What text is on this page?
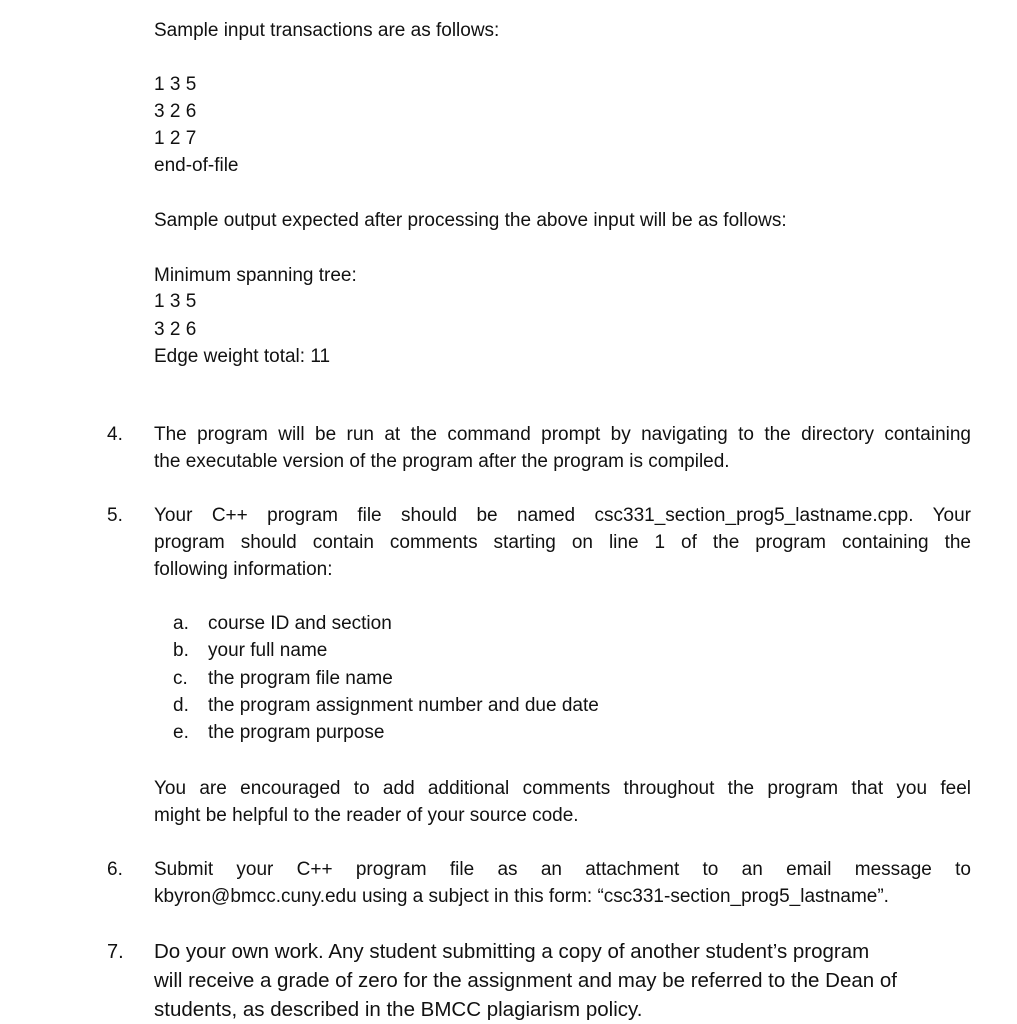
Sample input transactions are as follows:
1 3 5
3 2 6
1 2 7
end-of-file
Sample output expected after processing the above input will be as follows:
Minimum spanning tree:
1 3 5
3 2 6
Edge weight total: 11
4. The program will be run at the command prompt by navigating to the directory containing
the executable version of the program after the program is compiled.
5. Your C++ program file should be named csc331_section_prog5_lastname.cpp. Your
program should contain comments starting on line 1 of the program containing the
following information:
a. course ID and section
b. your full name
c. the program file name
d. the program assignment number and due date
e. the program purpose
You are encouraged to add additional comments throughout the program that you feel
might be helpful to the reader of your source code.
6. Submit your C++ program file as an attachment to an email message to
kbyron@bmcc.cuny.edu using a subject in this form: “csc331-section_prog5_lastname”.
7. Do your own work. Any student submitting a copy of another student’s program
will receive a grade of zero for the assignment and may be referred to the Dean of
students, as described in the BMCC plagiarism policy.
